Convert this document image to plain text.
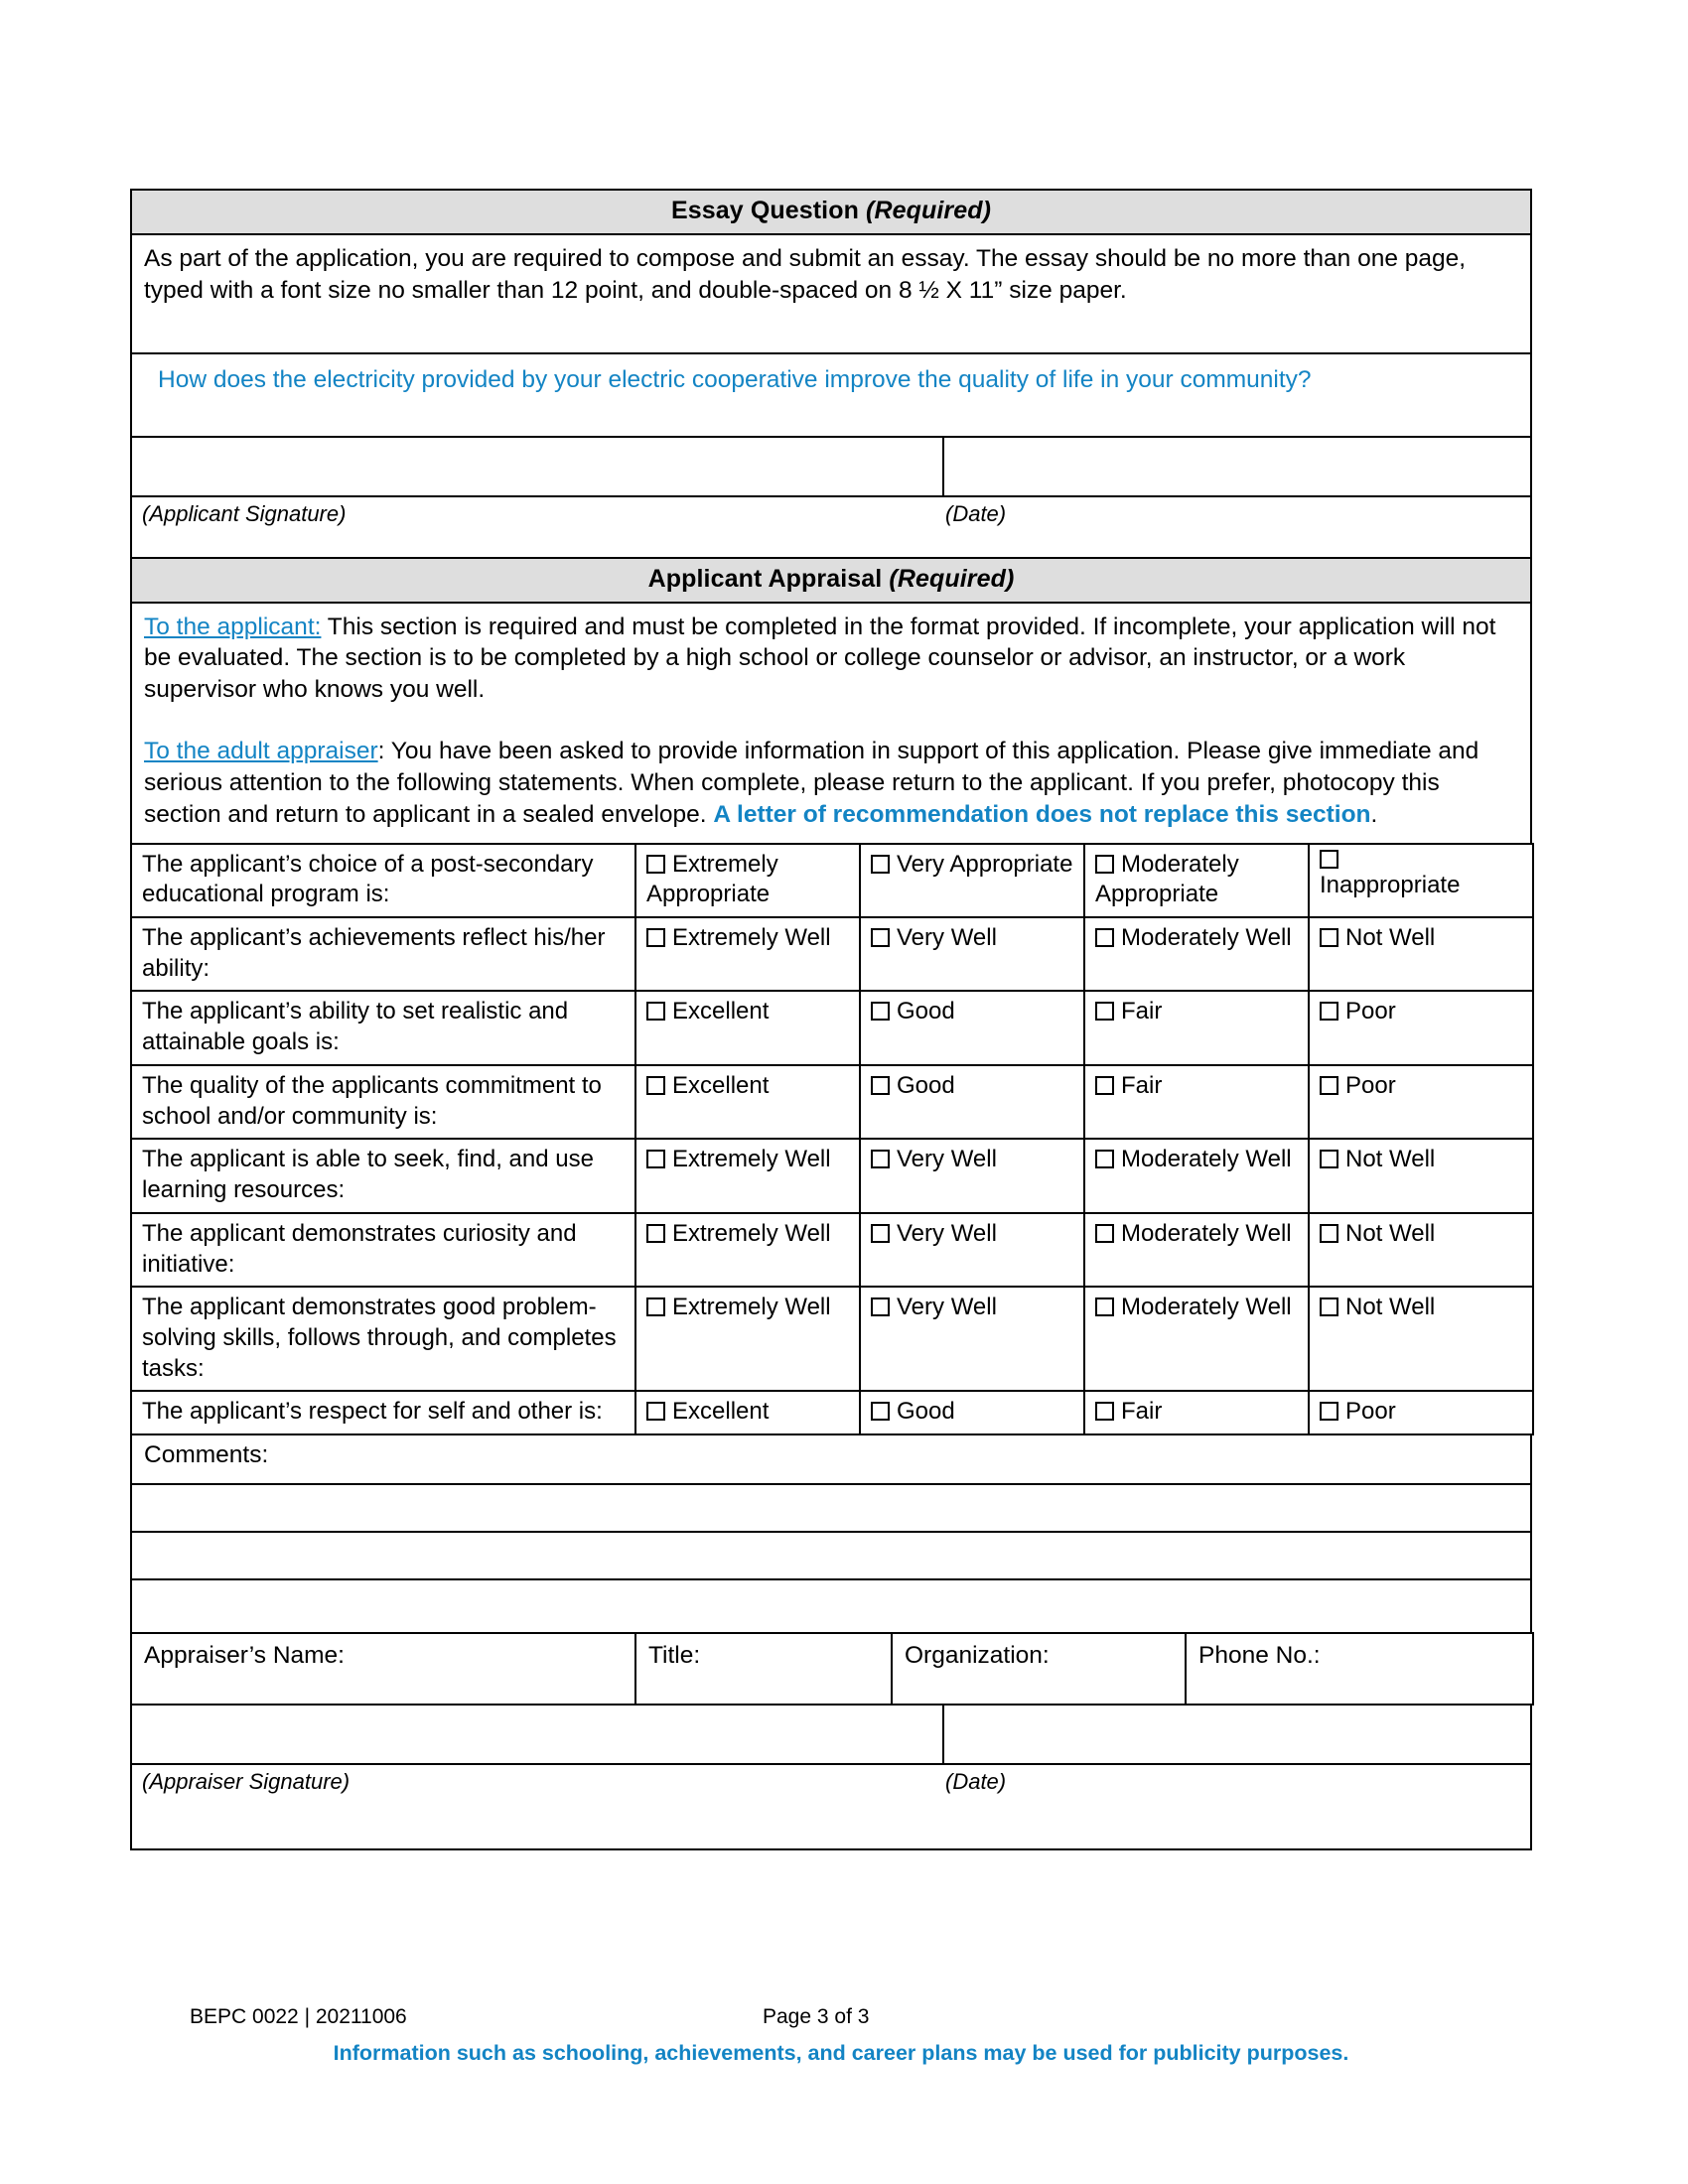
Essay Question (Required)

As part of the application, you are required to compose and submit an essay. The essay should be no more than one page, typed with a font size no smaller than 12 point, and double-spaced on 8 ½ X 11” size paper.

How does the electricity provided by your electric cooperative improve the quality of life in your community?

(Applicant Signature)	(Date)
Applicant Appraisal (Required)

To the applicant: This section is required and must be completed in the format provided. If incomplete, your application will not be evaluated. The section is to be completed by a high school or college counselor or advisor, an instructor, or a work supervisor who knows you well.

To the adult appraiser: You have been asked to provide information in support of this application. Please give immediate and serious attention to the following statements. When complete, please return to the applicant. If you prefer, photocopy this section and return to applicant in a sealed envelope. A letter of recommendation does not replace this section.

The applicant’s choice of a post-secondary educational program is:	Extremely Appropriate	Very Appropriate	Moderately Appropriate	Inappropriate
The applicant’s achievements reflect his/her ability:	Extremely Well	Very Well	Moderately Well	Not Well
The applicant’s ability to set realistic and attainable goals is:	Excellent	Good	Fair	Poor
The quality of the applicants commitment to school and/or community is:	Excellent	Good	Fair	Poor
The applicant is able to seek, find, and use learning resources:	Extremely Well	Very Well	Moderately Well	Not Well
The applicant demonstrates curiosity and initiative:	Extremely Well	Very Well	Moderately Well	Not Well
The applicant demonstrates good problem-solving skills, follows through, and completes tasks:	Extremely Well	Very Well	Moderately Well	Not Well
The applicant’s respect for self and other is:	Excellent	Good	Fair	Poor
Comments:

Appraiser’s Name:	Title:	Organization:	Phone No.:

(Appraiser Signature)	(Date)
BEPC 0022 | 20211006	Page 3 of 3
Information such as schooling, achievements, and career plans may be used for publicity purposes.
